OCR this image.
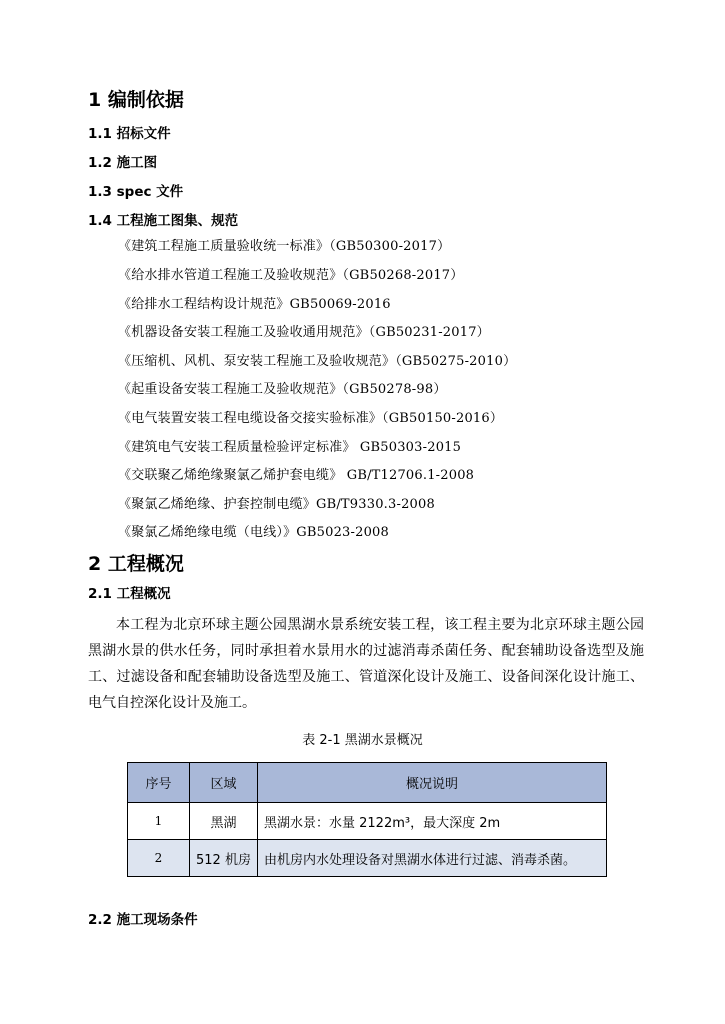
1 编制依据
1.1 招标文件
1.2 施工图
1.3 spec 文件
1.4 工程施工图集、规范
《建筑工程施工质量验收统一标准》（GB50300-2017）
《给水排水管道工程施工及验收规范》（GB50268-2017）
《给排水工程结构设计规范》GB50069-2016
《机器设备安装工程施工及验收通用规范》（GB50231-2017）
《压缩机、风机、泵安装工程施工及验收规范》（GB50275-2010）
《起重设备安装工程施工及验收规范》（GB50278-98）
《电气装置安装工程电缆设备交接实验标准》（GB50150-2016）
《建筑电气安装工程质量检验评定标准》 GB50303-2015
《交联聚乙烯绝缘聚氯乙烯护套电缆》 GB/T12706.1-2008
《聚氯乙烯绝缘、护套控制电缆》GB/T9330.3-2008
《聚氯乙烯绝缘电缆（电线）》GB5023-2008
2 工程概况
2.1 工程概况
本工程为北京环球主题公园黑湖水景系统安装工程，该工程主要为北京环球主题公园黑湖水景的供水任务，同时承担着水景用水的过滤消毒杀菌任务、配套辅助设备选型及施工、过滤设备和配套辅助设备选型及施工、管道深化设计及施工、设备间深化设计施工、电气自控深化设计及施工。
表 2-1 黑湖水景概况
序号	区域	概况说明
1	黑湖	黑湖水景：水量 2122m³，最大深度 2m
2	512 机房	由机房内水处理设备对黑湖水体进行过滤、消毒杀菌。
2.2 施工现场条件
